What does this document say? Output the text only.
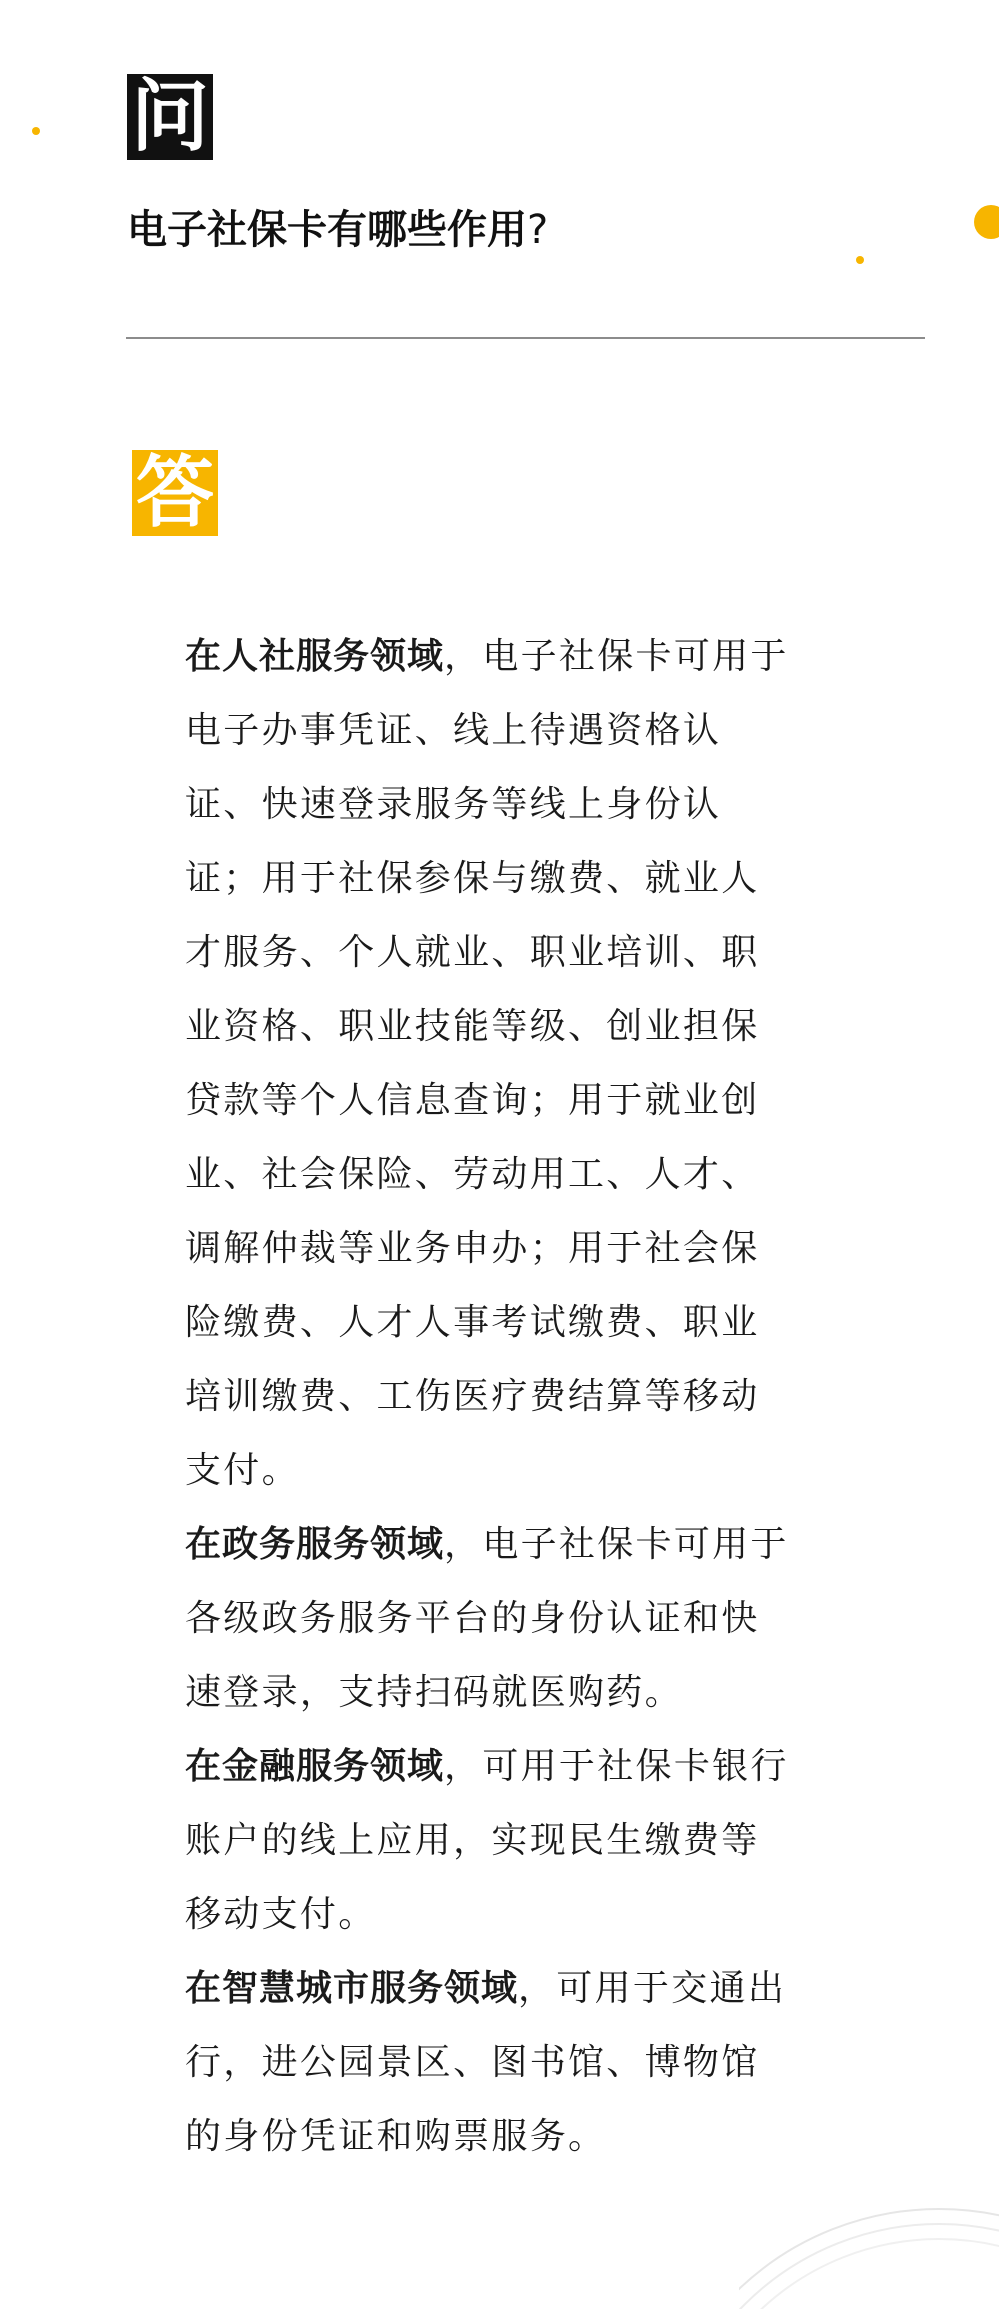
问
电子社保卡有哪些作用?
答

在人社服务领域，电子社保卡可用于电子办事凭证、线上待遇资格认证、快速登录服务等线上身份认证；用于社保参保与缴费、就业人才服务、个人就业、职业培训、职业资格、职业技能等级、创业担保贷款等个人信息查询；用于就业创业、社会保险、劳动用工、人才、调解仲裁等业务申办；用于社会保险缴费、人才人事考试缴费、职业培训缴费、工伤医疗费结算等移动支付。

在政务服务领域，电子社保卡可用于各级政务服务平台的身份认证和快速登录，支持扫码就医购药。

在金融服务领域，可用于社保卡银行账户的线上应用，实现民生缴费等移动支付。

在智慧城市服务领域，可用于交通出行，进公园景区、图书馆、博物馆的身份凭证和购票服务。
